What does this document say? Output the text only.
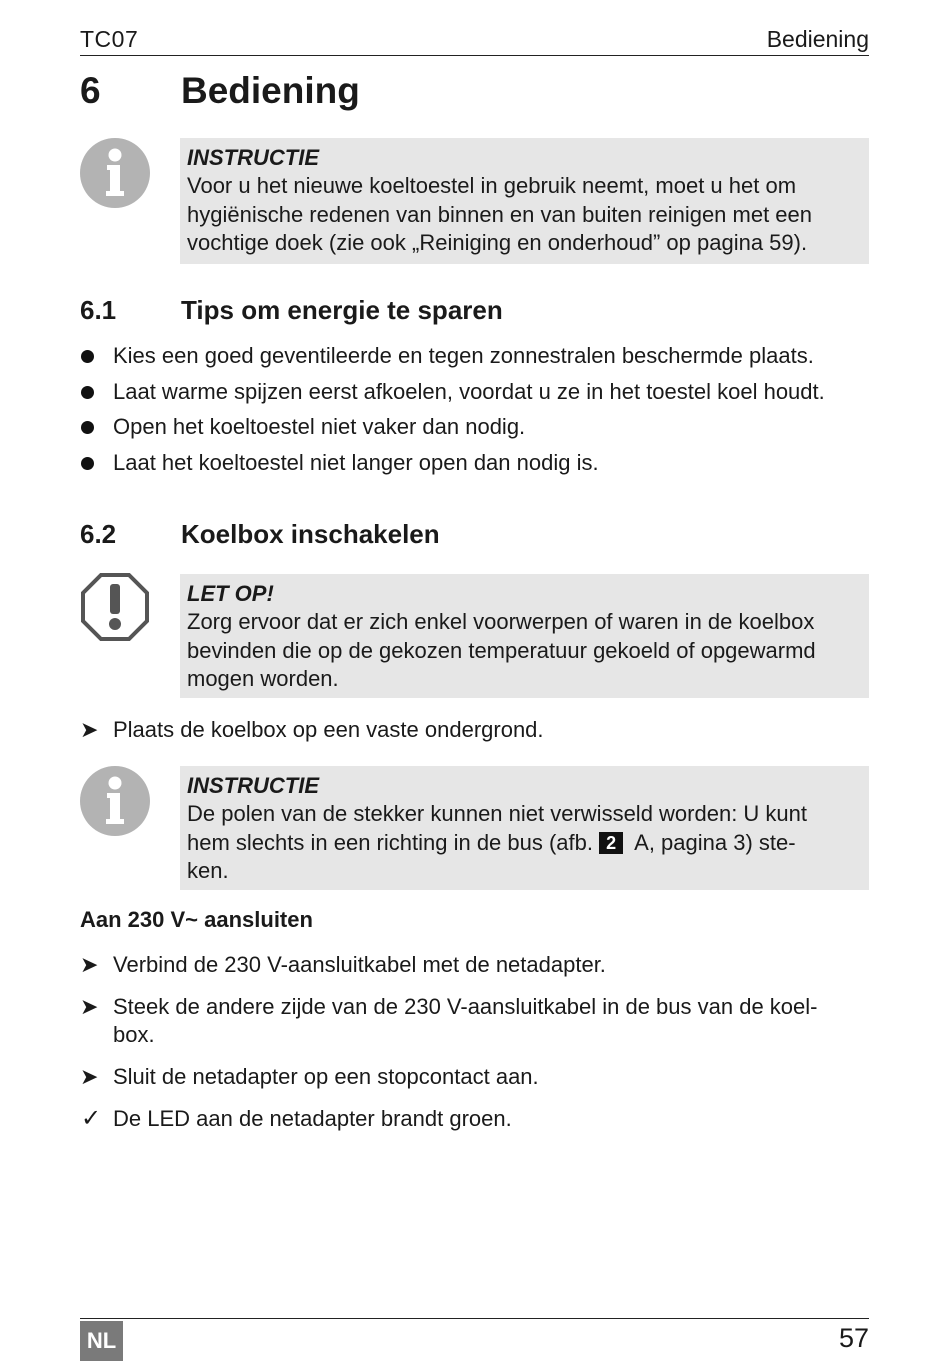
TC07	Bediening
6 Bediening
INSTRUCTIE
Voor u het nieuwe koeltoestel in gebruik neemt, moet u het om
hygiënische redenen van binnen en van buiten reinigen met een
vochtige doek (zie ook „Reiniging en onderhoud” op pagina 59).
6.1 Tips om energie te sparen
Kies een goed geventileerde en tegen zonnestralen beschermde plaats.
Laat warme spijzen eerst afkoelen, voordat u ze in het toestel koel houdt.
Open het koeltoestel niet vaker dan nodig.
Laat het koeltoestel niet langer open dan nodig is.
6.2 Koelbox inschakelen
LET OP!
Zorg ervoor dat er zich enkel voorwerpen of waren in de koelbox
bevinden die op de gekozen temperatuur gekoeld of opgewarmd
mogen worden.
➤ Plaats de koelbox op een vaste ondergrond.
INSTRUCTIE
De polen van de stekker kunnen niet verwisseld worden: U kunt
hem slechts in een richting in de bus (afb. 2 A, pagina 3) ste-
ken.
Aan 230 V~ aansluiten
➤ Verbind de 230 V-aansluitkabel met de netadapter.
➤ Steek de andere zijde van de 230 V-aansluitkabel in de bus van de koel-
box.
➤ Sluit de netadapter op een stopcontact aan.
✓ De LED aan de netadapter brandt groen.
NL	57
